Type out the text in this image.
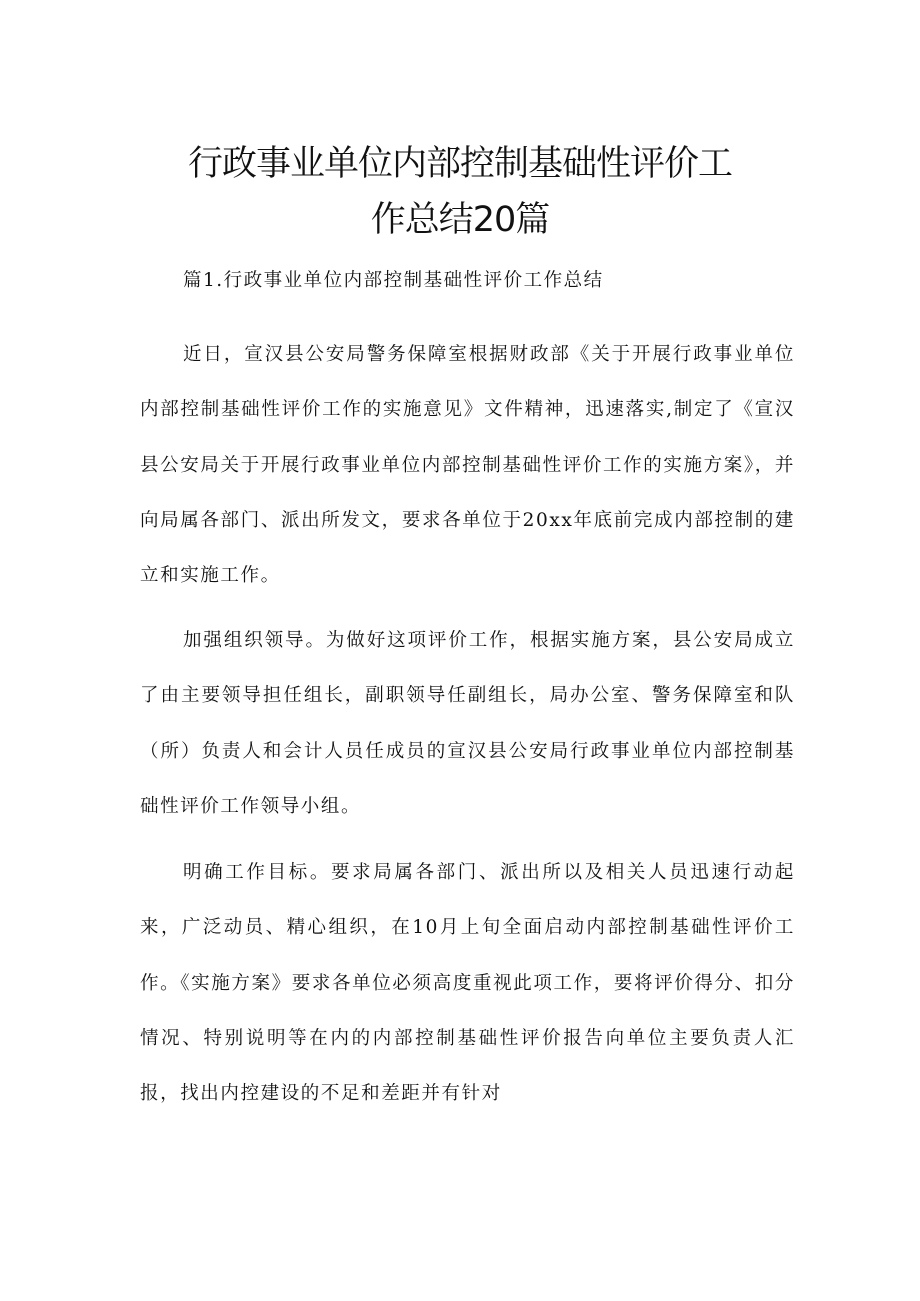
行政事业单位内部控制基础性评价工
作总结20篇

篇1.行政事业单位内部控制基础性评价工作总结

近日，宣汉县公安局警务保障室根据财政部《关于开展行政事业单位内部控制基础性评价工作的实施意见》文件精神，迅速落实,制定了《宣汉县公安局关于开展行政事业单位内部控制基础性评价工作的实施方案》，并向局属各部门、派出所发文，要求各单位于20xx年底前完成内部控制的建立和实施工作。

加强组织领导。为做好这项评价工作，根据实施方案，县公安局成立了由主要领导担任组长，副职领导任副组长，局办公室、警务保障室和队（所）负责人和会计人员任成员的宣汉县公安局行政事业单位内部控制基础性评价工作领导小组。

明确工作目标。要求局属各部门、派出所以及相关人员迅速行动起来，广泛动员、精心组织，在10月上旬全面启动内部控制基础性评价工作。《实施方案》要求各单位必须高度重视此项工作，要将评价得分、扣分情况、特别说明等在内的内部控制基础性评价报告向单位主要负责人汇报，找出内控建设的不足和差距并有针对
